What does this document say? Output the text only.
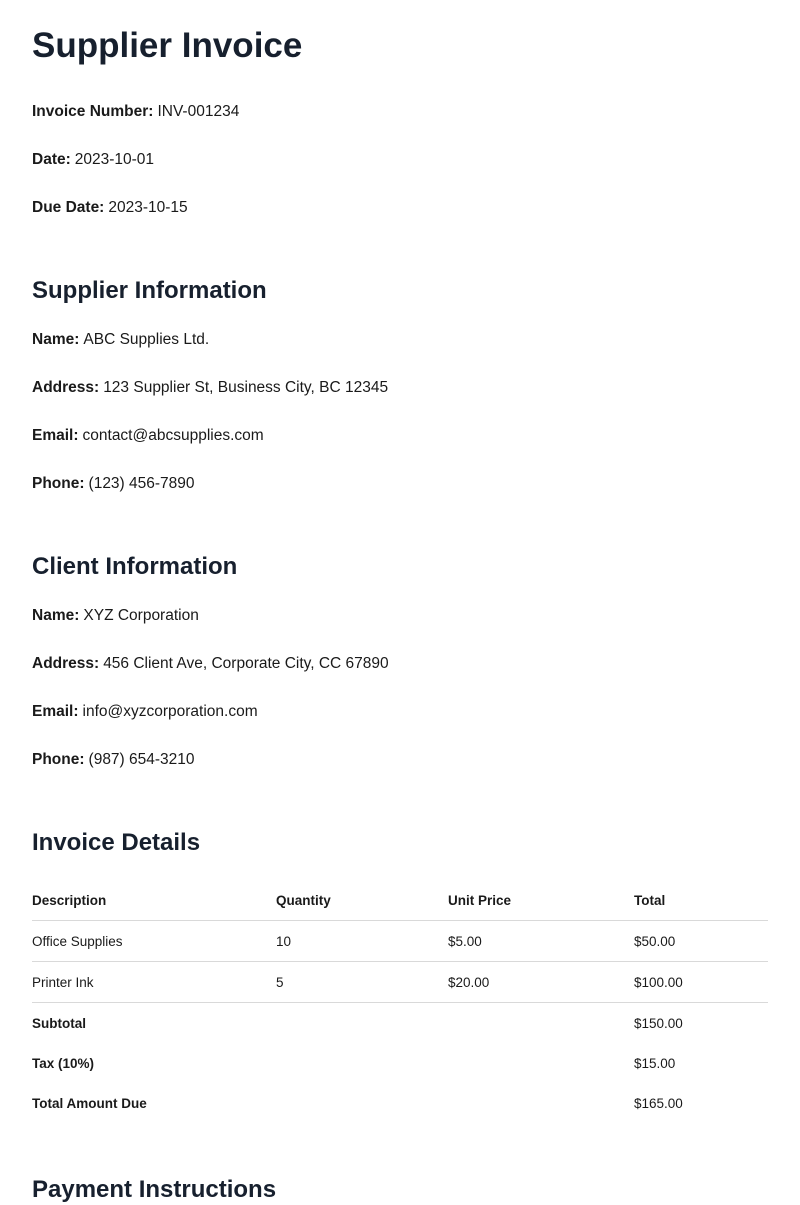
Supplier Invoice

Invoice Number: INV-001234

Date: 2023-10-01

Due Date: 2023-10-15

Supplier Information

Name: ABC Supplies Ltd.

Address: 123 Supplier St, Business City, BC 12345

Email: contact@abcsupplies.com

Phone: (123) 456-7890

Client Information

Name: XYZ Corporation

Address: 456 Client Ave, Corporate City, CC 67890

Email: info@xyzcorporation.com

Phone: (987) 654-3210

Invoice Details
Description	Quantity	Unit Price	Total
Office Supplies	10	$5.00	$50.00
Printer Ink	5	$20.00	$100.00
Subtotal			$150.00
Tax (10%)			$15.00
Total Amount Due			$165.00
Payment Instructions
